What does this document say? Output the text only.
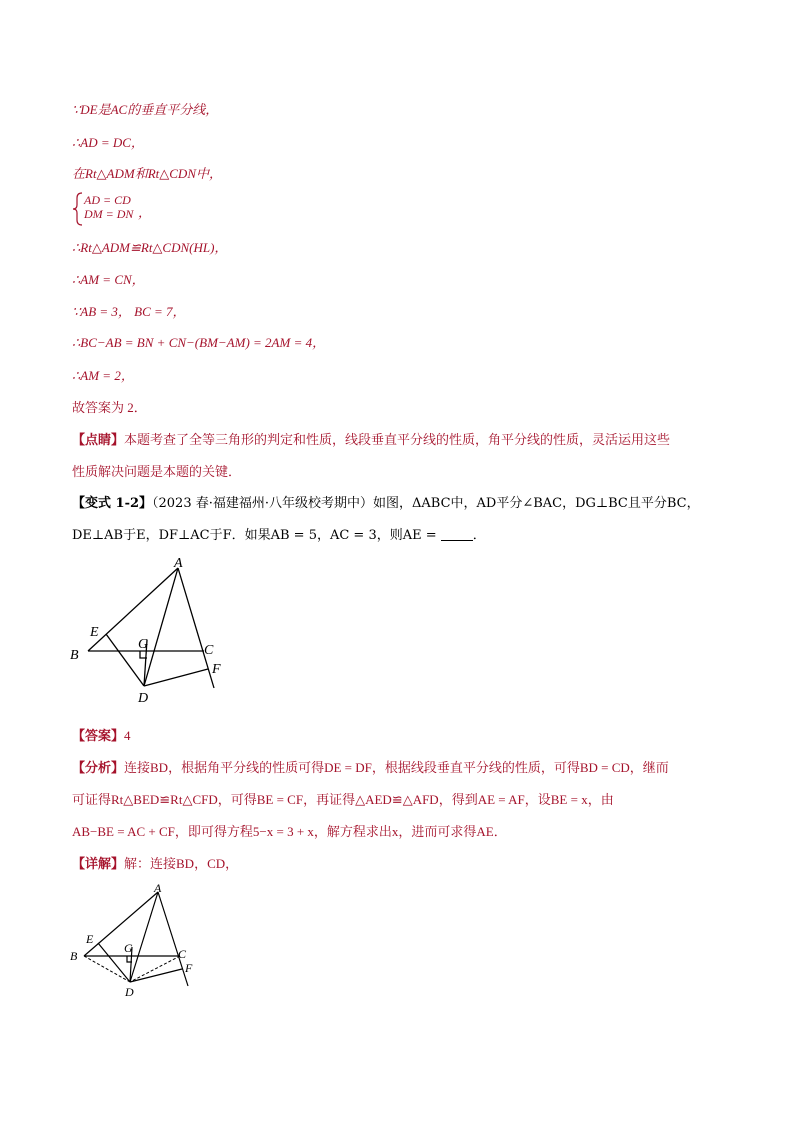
∵DE是AC的垂直平分线，
∴AD = DC，
在Rt△ADM和Rt△CDN中，
AD = CD
DM = DN ，
∴Rt△ADM≌Rt△CDN(HL)，
∴AM = CN，
∵AB = 3， BC = 7，
∴BC−AB = BN + CN−(BM−AM) = 2AM = 4，
∴AM = 2，
故答案为 2．
【点睛】本题考查了全等三角形的判定和性质，线段垂直平分线的性质，角平分线的性质，灵活运用这些
性质解决问题是本题的关键．
【变式 1-2】（2023 春·福建福州·八年级校考期中）如图，ΔABC中，AD平分∠BAC，DG⊥BC且平分BC，
DE⊥AB于E，DF⊥AC于F．如果AB = 5，AC = 3，则AE = ．
A
B	C
D
E
F
G
【答案】4
【分析】连接BD，根据角平分线的性质可得DE = DF，根据线段垂直平分线的性质，可得BD = CD，继而
可证得Rt△BED≌Rt△CFD，可得BE = CF，再证得△AED≌△AFD，得到AE = AF，设BE = x，由
AB−BE = AC + CF，即可得方程5−x = 3 + x，解方程求出x，进而可求得AE．
【详解】解：连接BD，CD，
A
B	C
D
E
F
G
